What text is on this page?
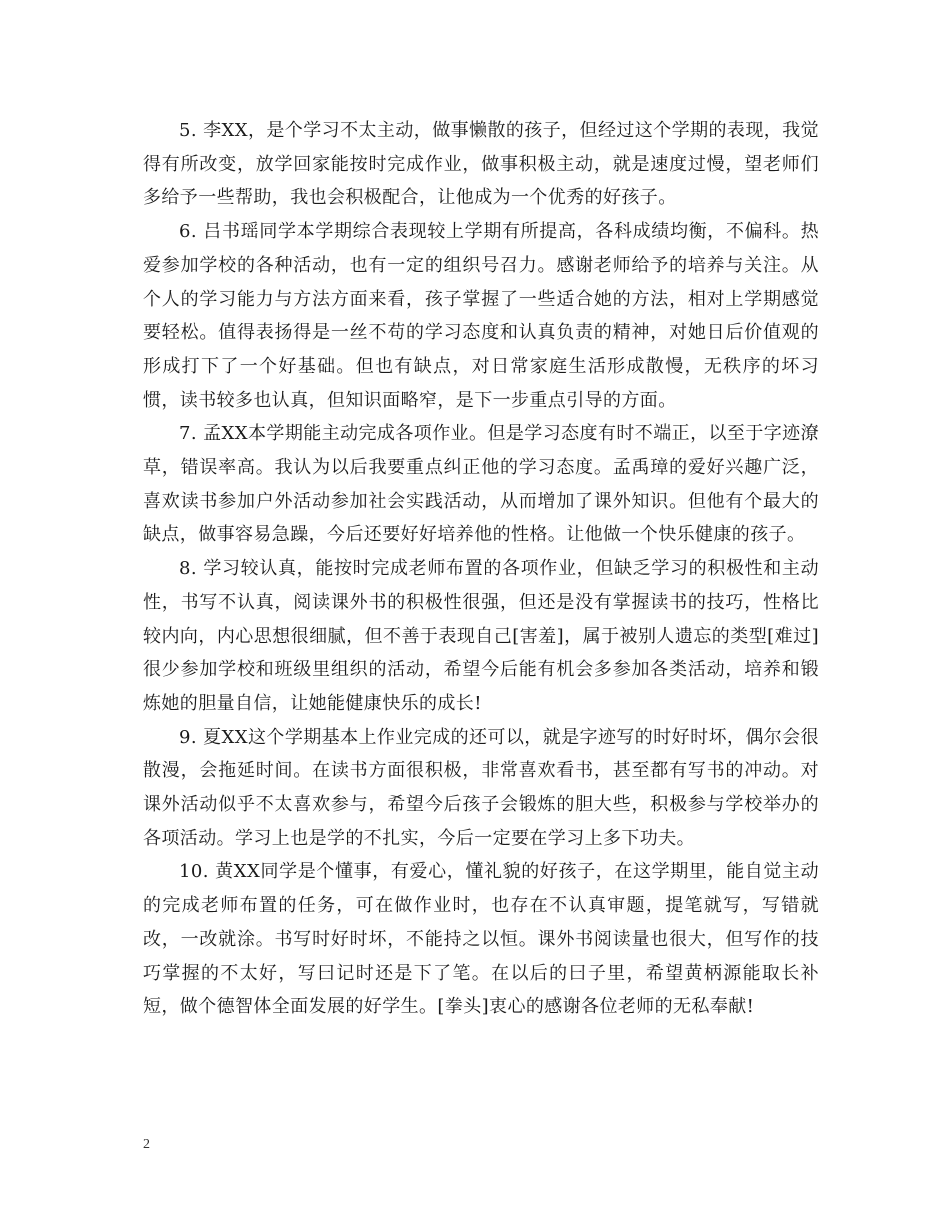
5. 李XX，是个学习不太主动，做事懒散的孩子，但经过这个学期的表现，我觉得有所改变，放学回家能按时完成作业，做事积极主动，就是速度过慢，望老师们多给予一些帮助，我也会积极配合，让他成为一个优秀的好孩子。

6. 吕书瑶同学本学期综合表现较上学期有所提高，各科成绩均衡，不偏科。热爱参加学校的各种活动，也有一定的组织号召力。感谢老师给予的培养与关注。从个人的学习能力与方法方面来看，孩子掌握了一些适合她的方法，相对上学期感觉要轻松。值得表扬得是一丝不苟的学习态度和认真负责的精神，对她日后价值观的形成打下了一个好基础。但也有缺点，对日常家庭生活形成散慢，无秩序的坏习惯，读书较多也认真，但知识面略窄，是下一步重点引导的方面。

7. 孟XX本学期能主动完成各项作业。但是学习态度有时不端正，以至于字迹潦草，错误率高。我认为以后我要重点纠正他的学习态度。孟禹璋的爱好兴趣广泛，喜欢读书参加户外活动参加社会实践活动，从而增加了课外知识。但他有个最大的缺点，做事容易急躁，今后还要好好培养他的性格。让他做一个快乐健康的孩子。

8. 学习较认真，能按时完成老师布置的各项作业，但缺乏学习的积极性和主动性，书写不认真，阅读课外书的积极性很强，但还是没有掌握读书的技巧，性格比较内向，内心思想很细腻，但不善于表现自己[害羞]，属于被别人遗忘的类型[难过]很少参加学校和班级里组织的活动，希望今后能有机会多参加各类活动，培养和锻炼她的胆量自信，让她能健康快乐的成长!

9. 夏XX这个学期基本上作业完成的还可以，就是字迹写的时好时坏，偶尔会很散漫，会拖延时间。在读书方面很积极，非常喜欢看书，甚至都有写书的冲动。对课外活动似乎不太喜欢参与，希望今后孩子会锻炼的胆大些，积极参与学校举办的各项活动。学习上也是学的不扎实，今后一定要在学习上多下功夫。

10. 黄XX同学是个懂事，有爱心，懂礼貌的好孩子，在这学期里，能自觉主动的完成老师布置的任务，可在做作业时，也存在不认真审题，提笔就写，写错就改，一改就涂。书写时好时坏，不能持之以恒。课外书阅读量也很大，但写作的技巧掌握的不太好，写曰记时还是下了笔。在以后的曰子里，希望黄柄源能取长补短，做个德智体全面发展的好学生。[拳头]衷心的感谢各位老师的无私奉献!

2
